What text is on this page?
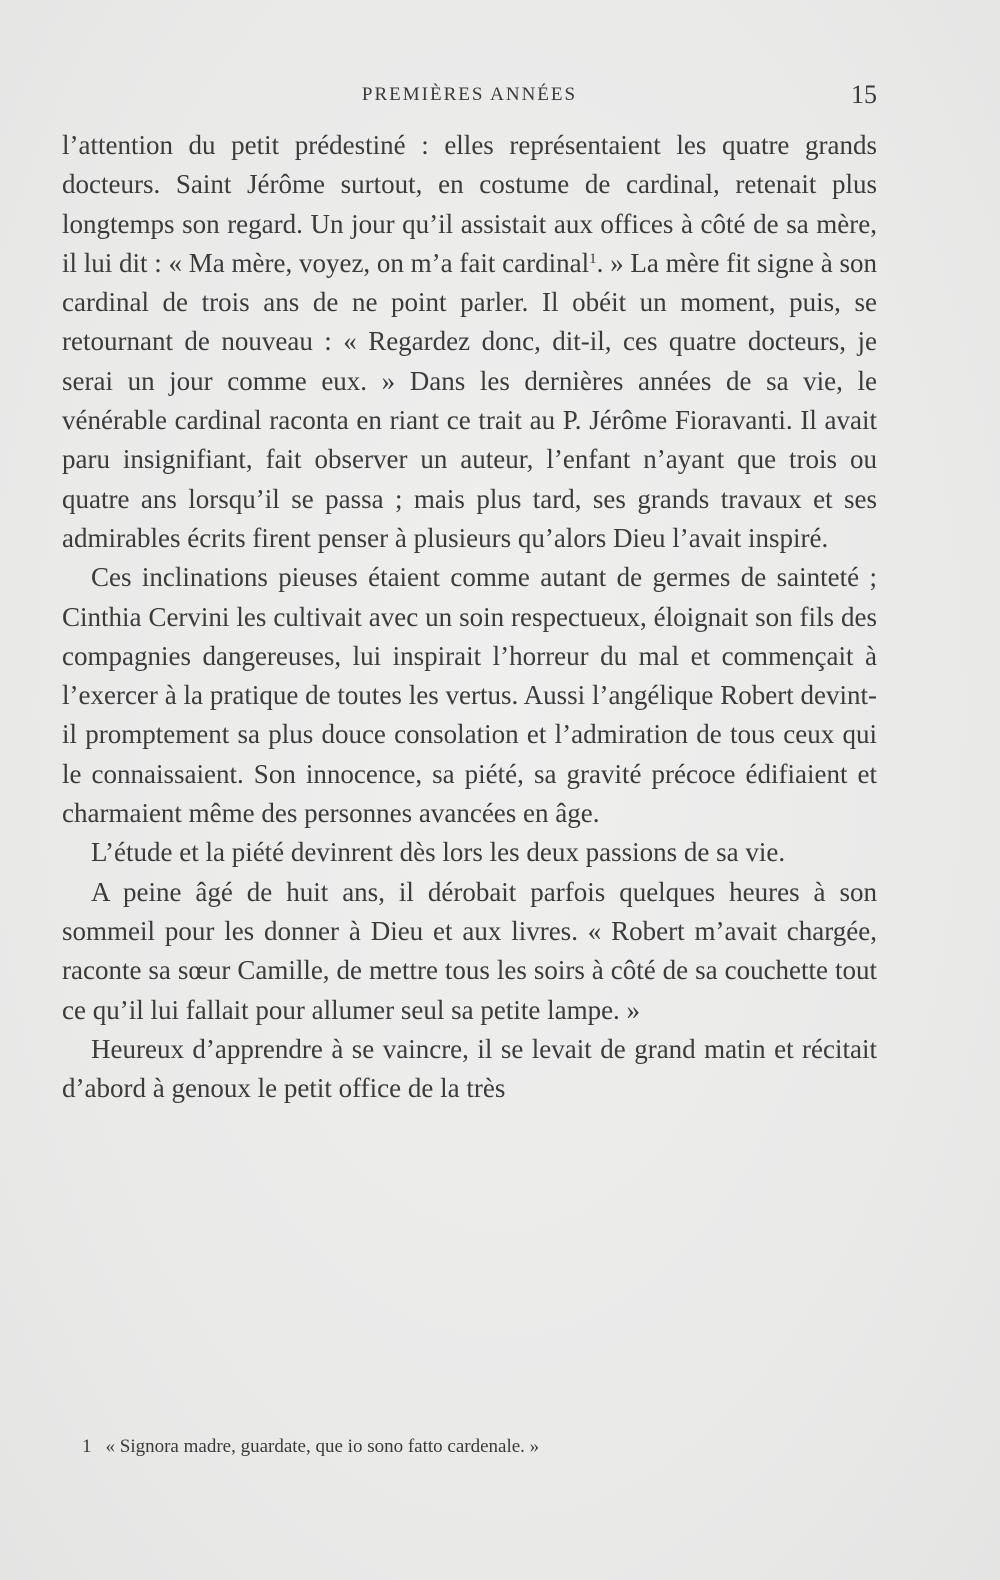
PREMIÈRES ANNÉES	15

l’attention du petit prédestiné : elles représentaient les quatre grands docteurs. Saint Jérôme surtout, en costume de cardinal, retenait plus longtemps son regard. Un jour qu’il assistait aux offices à côté de sa mère, il lui dit : « Ma mère, voyez, on m’a fait cardinal$^1$. » La mère fit signe à son cardinal de trois ans de ne point parler. Il obéit un moment, puis, se retournant de nouveau : « Regardez donc, dit-il, ces quatre docteurs, je serai un jour comme eux. » Dans les dernières années de sa vie, le vénérable cardinal raconta en riant ce trait au P. Jérôme Fioravanti. Il avait paru insignifiant, fait observer un auteur, l’enfant n’ayant que trois ou quatre ans lorsqu’il se passa ; mais plus tard, ses grands travaux et ses admirables écrits firent penser à plusieurs qu’alors Dieu l’avait inspiré.

Ces inclinations pieuses étaient comme autant de germes de sainteté ; Cinthia Cervini les cultivait avec un soin respectueux, éloignait son fils des compagnies dangereuses, lui inspirait l’horreur du mal et commençait à l’exercer à la pratique de toutes les vertus. Aussi l’angélique Robert devint-il promptement sa plus douce consolation et l’admiration de tous ceux qui le connaissaient. Son innocence, sa piété, sa gravité précoce édifiaient et charmaient même des personnes avancées en âge.

L’étude et la piété devinrent dès lors les deux passions de sa vie.

A peine âgé de huit ans, il dérobait parfois quelques heures à son sommeil pour les donner à Dieu et aux livres. « Robert m’avait chargée, raconte sa sœur Camille, de mettre tous les soirs à côté de sa couchette tout ce qu’il lui fallait pour allumer seul sa petite lampe. »

Heureux d’apprendre à se vaincre, il se levait de grand matin et récitait d’abord à genoux le petit office de la très

1 « Signora madre, guardate, que io sono fatto cardenale. »
